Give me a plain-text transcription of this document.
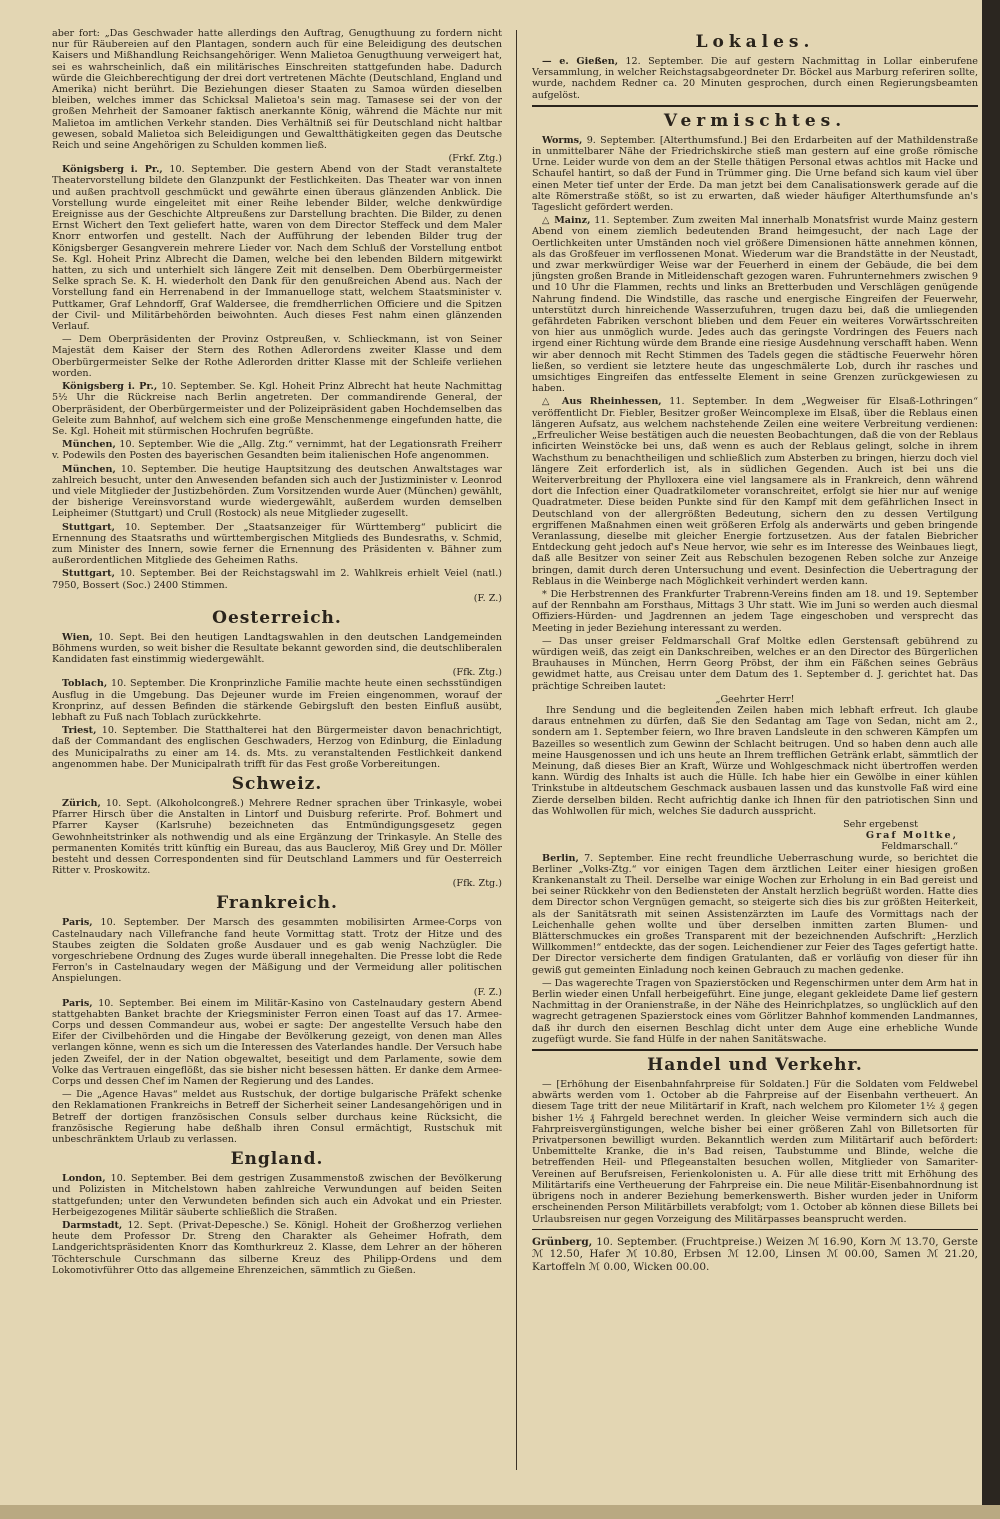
aber fort: „Das Geschwader hatte allerdings den Auftrag, Genugthuung zu fordern nicht nur für Räubereien auf den Plantagen, sondern auch für eine Beleidigung des deutschen Kaisers und Mißhandlung Reichsangehöriger. Wenn Malietoa Genugthuung verweigert hat, sei es wahrscheinlich, daß ein militärisches Einschreiten stattgefunden habe. Dadurch würde die Gleichberechtigung der drei dort vertretenen Mächte (Deutschland, England und Amerika) nicht berührt. Die Beziehungen dieser Staaten zu Samoa würden dieselben bleiben, welches immer das Schicksal Malietoa's sein mag. Tamasese sei der von der großen Mehrheit der Samoaner faktisch anerkannte König, während die Mächte nur mit Malietoa im amtlichen Verkehr standen. Dies Verhältniß sei für Deutschland nicht haltbar gewesen, sobald Malietoa sich Beleidigungen und Gewaltthätigkeiten gegen das Deutsche Reich und seine Angehörigen zu Schulden kommen ließ.

(Frkf. Ztg.)

Königsberg i. Pr., 10. September. Die gestern Abend von der Stadt veranstaltete Theatervorstellung bildete den Glanzpunkt der Festlichkeiten. Das Theater war von innen und außen prachtvoll geschmückt und gewährte einen überaus glänzenden Anblick. Die Vorstellung wurde eingeleitet mit einer Reihe lebender Bilder, welche denkwürdige Ereignisse aus der Geschichte Altpreußens zur Darstellung brachten. Die Bilder, zu denen Ernst Wichert den Text geliefert hatte, waren von dem Director Steffeck und dem Maler Knorr entworfen und gestellt. Nach der Aufführung der lebenden Bilder trug der Königsberger Gesangverein mehrere Lieder vor. Nach dem Schluß der Vorstellung entbot Se. Kgl. Hoheit Prinz Albrecht die Damen, welche bei den lebenden Bildern mitgewirkt hatten, zu sich und unterhielt sich längere Zeit mit denselben. Dem Oberbürgermeister Selke sprach Se. K. H. wiederholt den Dank für den genußreichen Abend aus. Nach der Vorstellung fand ein Herrenabend in der Immanuelloge statt, welchem Staatsminister v. Puttkamer, Graf Lehndorff, Graf Waldersee, die fremdherrlichen Officiere und die Spitzen der Civil- und Militärbehörden beiwohnten. Auch dieses Fest nahm einen glänzenden Verlauf.

— Dem Oberpräsidenten der Provinz Ostpreußen, v. Schlieckmann, ist von Seiner Majestät dem Kaiser der Stern des Rothen Adlerordens zweiter Klasse und dem Oberbürgermeister Selke der Rothe Adlerorden dritter Klasse mit der Schleife verliehen worden.

Königsberg i. Pr., 10. September. Se. Kgl. Hoheit Prinz Albrecht hat heute Nachmittag 5½ Uhr die Rückreise nach Berlin angetreten. Der commandirende General, der Oberpräsident, der Oberbürgermeister und der Polizeipräsident gaben Hochdemselben das Geleite zum Bahnhof, auf welchem sich eine große Menschenmenge eingefunden hatte, die Se. Kgl. Hoheit mit stürmischen Hochrufen begrüßte.

München, 10. September. Wie die „Allg. Ztg.“ vernimmt, hat der Legationsrath Freiherr v. Podewils den Posten des bayerischen Gesandten beim italienischen Hofe angenommen.

München, 10. September. Die heutige Hauptsitzung des deutschen Anwaltstages war zahlreich besucht, unter den Anwesenden befanden sich auch der Justizminister v. Leonrod und viele Mitglieder der Justizbehörden. Zum Vorsitzenden wurde Auer (München) gewählt, der bisherige Vereinsvorstand wurde wiedergewählt, außerdem wurden demselben Leipheimer (Stuttgart) und Crull (Rostock) als neue Mitglieder zugesellt.

Stuttgart, 10. September. Der „Staatsanzeiger für Württemberg“ publicirt die Ernennung des Staatsraths und württembergischen Mitglieds des Bundesraths, v. Schmid, zum Minister des Innern, sowie ferner die Ernennung des Präsidenten v. Bähner zum außerordentlichen Mitgliede des Geheimen Raths.

Stuttgart, 10. September. Bei der Reichstagswahl im 2. Wahlkreis erhielt Veiel (natl.) 7950, Bossert (Soc.) 2400 Stimmen.

(F. Z.)
Oesterreich.

Wien, 10. Sept. Bei den heutigen Landtagswahlen in den deutschen Landgemeinden Böhmens wurden, so weit bisher die Resultate bekannt geworden sind, die deutschliberalen Kandidaten fast einstimmig wiedergewählt.

(Ffk. Ztg.)

Toblach, 10. September. Die Kronprinzliche Familie machte heute einen sechsstündigen Ausflug in die Umgebung. Das Dejeuner wurde im Freien eingenommen, worauf der Kronprinz, auf dessen Befinden die stärkende Gebirgsluft den besten Einfluß ausübt, lebhaft zu Fuß nach Toblach zurückkehrte.

Triest, 10. September. Die Statthalterei hat den Bürgermeister davon benachrichtigt, daß der Commandant des englischen Geschwaders, Herzog von Edinburg, die Einladung des Municipalraths zu einer am 14. ds. Mts. zu veranstaltenden Festlichkeit dankend angenommen habe. Der Municipalrath trifft für das Fest große Vorbereitungen.

Schweiz.

Zürich, 10. Sept. (Alkoholcongreß.) Mehrere Redner sprachen über Trinkasyle, wobei Pfarrer Hirsch über die Anstalten in Lintorf und Duisburg referirte. Prof. Bohmert und Pfarrer Kayser (Karlsruhe) bezeichneten das Entmündigungsgesetz gegen Gewohnheitstrinker als nothwendig und als eine Ergänzung der Trinkasyle. An Stelle des permanenten Komités tritt künftig ein Bureau, das aus Baucleroy, Miß Grey und Dr. Möller besteht und dessen Correspondenten sind für Deutschland Lammers und für Oesterreich Ritter v. Proskowitz.

(Ffk. Ztg.)
Frankreich.

Paris, 10. September. Der Marsch des gesammten mobilisirten Armee-Corps von Castelnaudary nach Villefranche fand heute Vormittag statt. Trotz der Hitze und des Staubes zeigten die Soldaten große Ausdauer und es gab wenig Nachzügler. Die vorgeschriebene Ordnung des Zuges wurde überall innegehalten. Die Presse lobt die Rede Ferron's in Castelnaudary wegen der Mäßigung und der Vermeidung aller politischen Anspielungen.

(F. Z.)

Paris, 10. September. Bei einem im Militär-Kasino von Castelnaudary gestern Abend stattgehabten Banket brachte der Kriegsminister Ferron einen Toast auf das 17. Armee-Corps und dessen Commandeur aus, wobei er sagte: Der angestellte Versuch habe den Eifer der Civilbehörden und die Hingabe der Bevölkerung gezeigt, von denen man Alles verlangen könne, wenn es sich um die Interessen des Vaterlandes handle. Der Versuch habe jeden Zweifel, der in der Nation obgewaltet, beseitigt und dem Parlamente, sowie dem Volke das Vertrauen eingeflößt, das sie bisher nicht besessen hätten. Er danke dem Armee-Corps und dessen Chef im Namen der Regierung und des Landes.

— Die „Agence Havas“ meldet aus Rustschuk, der dortige bulgarische Präfekt schenke den Reklamationen Frankreichs in Betreff der Sicherheit seiner Landesangehörigen und in Betreff der dortigen französischen Consuls selber durchaus keine Rücksicht, die französische Regierung habe deßhalb ihren Consul ermächtigt, Rustschuk mit unbeschränktem Urlaub zu verlassen.

England.

London, 10. September. Bei dem gestrigen Zusammenstoß zwischen der Bevölkerung und Polizisten in Mitchelstown haben zahlreiche Verwundungen auf beiden Seiten stattgefunden; unter den Verwundeten befinden sich auch ein Advokat und ein Priester. Herbeigezogenes Militär säuberte schließlich die Straßen.

Darmstadt, 12. Sept. (Privat-Depesche.) Se. Königl. Hoheit der Großherzog verliehen heute dem Professor Dr. Streng den Charakter als Geheimer Hofrath, dem Landgerichtspräsidenten Knorr das Komthurkreuz 2. Klasse, dem Lehrer an der höheren Töchterschule Curschmann das silberne Kreuz des Philipp-Ordens und dem Lokomotivführer Otto das allgemeine Ehrenzeichen, sämmtlich zu Gießen.

Lokales.

— e. Gießen, 12. September. Die auf gestern Nachmittag in Lollar einberufene Versammlung, in welcher Reichstagsabgeordneter Dr. Böckel aus Marburg referiren sollte, wurde, nachdem Redner ca. 20 Minuten gesprochen, durch einen Regierungsbeamten aufgelöst.

Vermischtes.

Worms, 9. September. [Alterthumsfund.] Bei den Erdarbeiten auf der Mathildenstraße in unmittelbarer Nähe der Friedrichskirche stieß man gestern auf eine große römische Urne. Leider wurde von dem an der Stelle thätigen Personal etwas achtlos mit Hacke und Schaufel hantirt, so daß der Fund in Trümmer ging. Die Urne befand sich kaum viel über einen Meter tief unter der Erde. Da man jetzt bei dem Canalisationswerk gerade auf die alte Römerstraße stößt, so ist zu erwarten, daß wieder häufiger Alterthumsfunde an's Tageslicht gefördert werden.

△ Mainz, 11. September. Zum zweiten Mal innerhalb Monatsfrist wurde Mainz gestern Abend von einem ziemlich bedeutenden Brand heimgesucht, der nach Lage der Oertlichkeiten unter Umständen noch viel größere Dimensionen hätte annehmen können, als das Großfeuer im verflossenen Monat. Wiederum war die Brandstätte in der Neustadt, und zwar merkwürdiger Weise war der Feuerherd in einem der Gebäude, die bei dem jüngsten großen Brande in Mitleidenschaft gezogen waren. Fuhrunternehmers zwischen 9 und 10 Uhr die Flammen, rechts und links an Bretterbuden und Verschlägen genügende Nahrung findend. Die Windstille, das rasche und energische Eingreifen der Feuerwehr, unterstützt durch hinreichende Wasserzufuhren, trugen dazu bei, daß die umliegenden gefährdeten Fabriken verschont blieben und dem Feuer ein weiteres Vorwärtsschreiten von hier aus unmöglich wurde. Jedes auch das geringste Vordringen des Feuers nach irgend einer Richtung würde dem Brande eine riesige Ausdehnung verschafft haben. Wenn wir aber dennoch mit Recht Stimmen des Tadels gegen die städtische Feuerwehr hören ließen, so verdient sie letztere heute das ungeschmälerte Lob, durch ihr rasches und umsichtiges Eingreifen das entfesselte Element in seine Grenzen zurückgewiesen zu haben.

△ Aus Rheinhessen, 11. September. In dem „Wegweiser für Elsaß-Lothringen“ veröffentlicht Dr. Fiebler, Besitzer großer Weincomplexe im Elsaß, über die Reblaus einen längeren Aufsatz, aus welchem nachstehende Zeilen eine weitere Verbreitung verdienen: „Erfreulicher Weise bestätigen auch die neuesten Beobachtungen, daß die von der Reblaus inficirten Weinstöcke bei uns, daß wenn es auch der Reblaus gelingt, solche in ihrem Wachsthum zu benachtheiligen und schließlich zum Absterben zu bringen, hierzu doch viel längere Zeit erforderlich ist, als in südlichen Gegenden. Auch ist bei uns die Weiterverbreitung der Phylloxera eine viel langsamere als in Frankreich, denn während dort die Infection einer Quadratkilometer voranschreitet, erfolgt sie hier nur auf wenige Quadratmeter. Diese beiden Punkte sind für den Kampf mit dem gefährlichen Insect in Deutschland von der allergrößten Bedeutung, sichern den zu dessen Vertilgung ergriffenen Maßnahmen einen weit größeren Erfolg als anderwärts und geben bringende Veranlassung, dieselbe mit gleicher Energie fortzusetzen. Aus der fatalen Biebricher Entdeckung geht jedoch auf's Neue hervor, wie sehr es im Interesse des Weinbaues liegt, daß alle Besitzer von seiner Zeit aus Rebschulen bezogenen Reben solche zur Anzeige bringen, damit durch deren Untersuchung und event. Desinfection die Uebertragung der Reblaus in die Weinberge nach Möglichkeit verhindert werden kann.

* Die Herbstrennen des Frankfurter Trabrenn-Vereins finden am 18. und 19. September auf der Rennbahn am Forsthaus, Mittags 3 Uhr statt. Wie im Juni so werden auch diesmal Offiziers-Hürden- und Jagdrennen an jedem Tage eingeschoben und versprecht das Meeting in jeder Beziehung interessant zu werden.

— Das unser greiser Feldmarschall Graf Moltke edlen Gerstensaft gebührend zu würdigen weiß, das zeigt ein Dankschreiben, welches er an den Director des Bürgerlichen Brauhauses in München, Herrn Georg Pröbst, der ihm ein Fäßchen seines Gebräus gewidmet hatte, aus Creisau unter dem Datum des 1. September d. J. gerichtet hat. Das prächtige Schreiben lautet:

„Geehrter Herr!

Ihre Sendung und die begleitenden Zeilen haben mich lebhaft erfreut. Ich glaube daraus entnehmen zu dürfen, daß Sie den Sedantag am Tage von Sedan, nicht am 2., sondern am 1. September feiern, wo Ihre braven Landsleute in den schweren Kämpfen um Bazeilles so wesentlich zum Gewinn der Schlacht beitrugen. Und so haben denn auch alle meine Hausgenossen und ich uns heute an Ihrem trefflichen Getränk erlabt, sämmtlich der Meinung, daß dieses Bier an Kraft, Würze und Wohlgeschmack nicht übertroffen werden kann. Würdig des Inhalts ist auch die Hülle. Ich habe hier ein Gewölbe in einer kühlen Trinkstube in altdeutschem Geschmack ausbauen lassen und das kunstvolle Faß wird eine Zierde derselben bilden. Recht aufrichtig danke ich Ihnen für den patriotischen Sinn und das Wohlwollen für mich, welches Sie dadurch ausspricht.

Sehr ergebenst
Graf Moltke,
Feldmarschall.“

Berlin, 7. September. Eine recht freundliche Ueberraschung wurde, so berichtet die Berliner „Volks-Ztg.“ vor einigen Tagen dem ärztlichen Leiter einer hiesigen großen Krankenanstalt zu Theil. Derselbe war einige Wochen zur Erholung in ein Bad gereist und bei seiner Rückkehr von den Bediensteten der Anstalt herzlich begrüßt worden. Hatte dies dem Director schon Vergnügen gemacht, so steigerte sich dies bis zur größten Heiterkeit, als der Sanitätsrath mit seinen Assistenzärzten im Laufe des Vormittags nach der Leichenhalle gehen wollte und über derselben inmitten zarten Blumen- und Blätterschmuckes ein großes Transparent mit der bezeichnenden Aufschrift: „Herzlich Willkommen!“ entdeckte, das der sogen. Leichendiener zur Feier des Tages gefertigt hatte. Der Director versicherte dem findigen Gratulanten, daß er vorläufig von dieser für ihn gewiß gut gemeinten Einladung noch keinen Gebrauch zu machen gedenke.

— Das wagerechte Tragen von Spazierstöcken und Regenschirmen unter dem Arm hat in Berlin wieder einen Unfall herbeigeführt. Eine junge, elegant gekleidete Dame lief gestern Nachmittag in der Oranienstraße, in der Nähe des Heinrichplatzes, so unglücklich auf den wagrecht getragenen Spazierstock eines vom Görlitzer Bahnhof kommenden Landmannes, daß ihr durch den eisernen Beschlag dicht unter dem Auge eine erhebliche Wunde zugefügt wurde. Sie fand Hülfe in der nahen Sanitätswache.

Handel und Verkehr.

— [Erhöhung der Eisenbahnfahrpreise für Soldaten.] Für die Soldaten vom Feldwebel abwärts werden vom 1. October ab die Fahrpreise auf der Eisenbahn vertheuert. An diesem Tage tritt der neue Militärtarif in Kraft, nach welchem pro Kilometer 1½ ₰ gegen bisher 1½ ₰ Fahrgeld berechnet werden. In gleicher Weise vermindern sich auch die Fahrpreisvergünstigungen, welche bisher bei einer größeren Zahl von Billetsorten für Privatpersonen bewilligt wurden. Bekanntlich werden zum Militärtarif auch befördert: Unbemittelte Kranke, die in's Bad reisen, Taubstumme und Blinde, welche die betreffenden Heil- und Pflegeanstalten besuchen wollen, Mitglieder von Samariter-Vereinen auf Berufsreisen, Ferienkolonisten u. A. Für alle diese tritt mit Erhöhung des Militärtarifs eine Vertheuerung der Fahrpreise ein. Die neue Militär-Eisenbahnordnung ist übrigens noch in anderer Beziehung bemerkenswerth. Bisher wurden jeder in Uniform erscheinenden Person Militärbillets verabfolgt; vom 1. October ab können diese Billets bei Urlaubsreisen nur gegen Vorzeigung des Militärpasses beansprucht werden.

Grünberg, 10. September. (Fruchtpreise.) Weizen ℳ 16.90, Korn ℳ 13.70, Gerste ℳ 12.50, Hafer ℳ 10.80, Erbsen ℳ 12.00, Linsen ℳ 00.00, Samen ℳ 21.20, Kartoffeln ℳ 0.00, Wicken 00.00.
